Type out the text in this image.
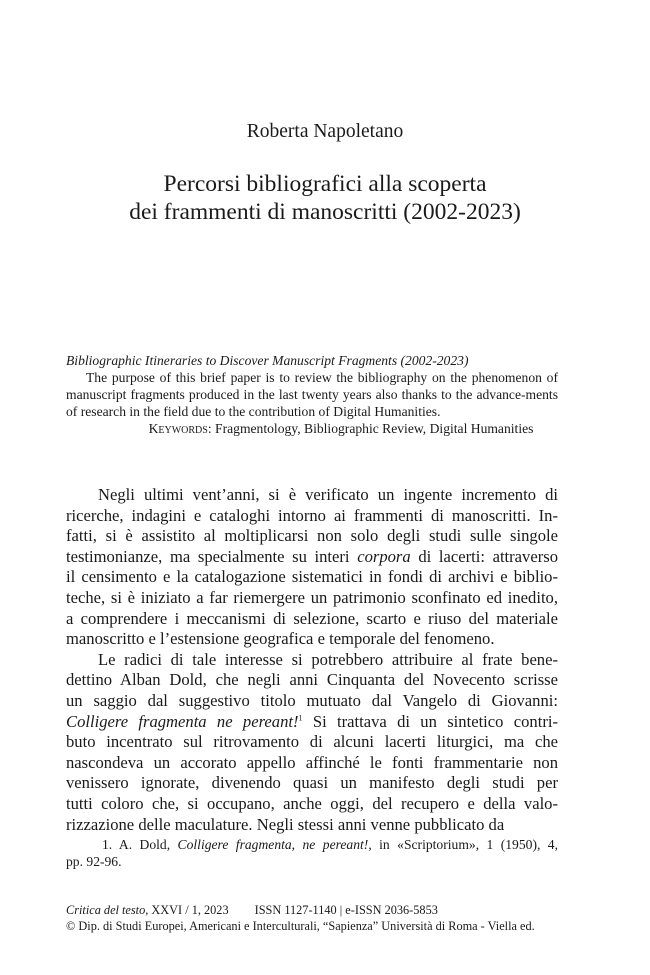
Roberta Napoletano
Percorsi bibliografici alla scoperta
dei frammenti di manoscritti (2002-2023)
Bibliographic Itineraries to Discover Manuscript Fragments (2002-2023)

The purpose of this brief paper is to review the bibliography on the phenomenon of manuscript fragments produced in the last twenty years also thanks to the advance-ments of research in the field due to the contribution of Digital Humanities.

Keywords: Fragmentology, Bibliographic Review, Digital Humanities

Negli ultimi vent’anni, si è verificato un ingente incremento di
ricerche, indagini e cataloghi intorno ai frammenti di manoscritti. In-
fatti, si è assistito al moltiplicarsi non solo degli studi sulle singole
testimonianze, ma specialmente su interi corpora di lacerti: attraverso
il censimento e la catalogazione sistematici in fondi di archivi e biblio-
teche, si è iniziato a far riemergere un patrimonio sconfinato ed inedito,
a comprendere i meccanismi di selezione, scarto e riuso del materiale
manoscritto e l’estensione geografica e temporale del fenomeno.

Le radici di tale interesse si potrebbero attribuire al frate bene-
dettino Alban Dold, che negli anni Cinquanta del Novecento scrisse
un saggio dal suggestivo titolo mutuato dal Vangelo di Giovanni:
Colligere fragmenta ne pereant!$^1$ Si trattava di un sintetico contri-
buto incentrato sul ritrovamento di alcuni lacerti liturgici, ma che
nascondeva un accorato appello affinché le fonti frammentarie non
venissero ignorate, divenendo quasi un manifesto degli studi per
tutti coloro che, si occupano, anche oggi, del recupero e della valo-
rizzazione delle maculature. Negli stessi anni venne pubblicato da

1. A. Dold, Colligere fragmenta, ne pereant!, in «Scriptorium», 1 (1950), 4,
pp. 92-96.
Critica del testo, XXVI / 1, 2023 ISSN 1127-1140 | e-ISSN 2036-5853
© Dip. di Studi Europei, Americani e Interculturali, “Sapienza” Università di Roma - Viella ed.
